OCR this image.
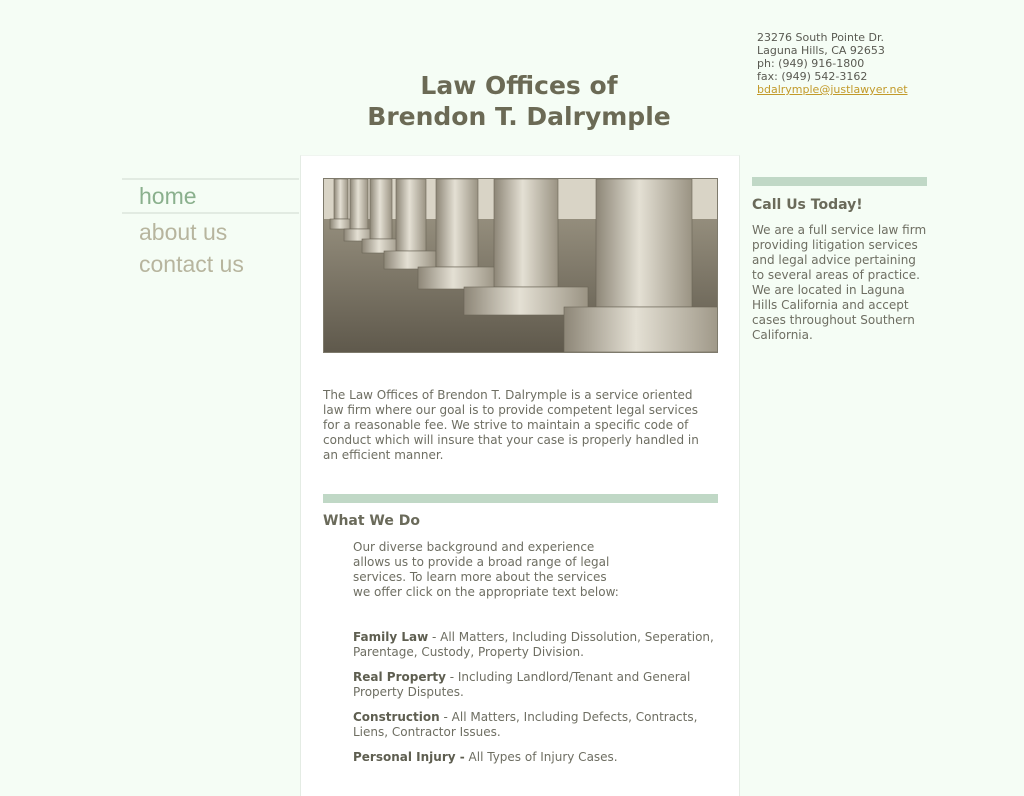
23276 South Pointe Dr.
Laguna Hills, CA 92653
ph: (949) 916-1800
fax: (949) 542-3162
bdalrymple@justlawyer.net
Law Offices of
Brendon T. Dalrymple
home
about us
contact us
The Law Offices of Brendon T. Dalrymple is a service oriented law firm where our goal is to provide competent legal services for a reasonable fee. We strive to maintain a specific code of conduct which will insure that your case is properly handled in an efficient manner.
What We Do
Our diverse background and experience allows us to provide a broad range of legal services. To learn more about the services we offer click on the appropriate text below:
Family Law - All Matters, Including Dissolution, Seperation, Parentage, Custody, Property Division.
Real Property - Including Landlord/Tenant and General Property Disputes.
Construction - All Matters, Including Defects, Contracts, Liens, Contractor Issues.
Personal Injury - All Types of Injury Cases.
Call Us Today!
We are a full service law firm providing litigation services and legal advice pertaining to several areas of practice. We are located in Laguna Hills California and accept cases throughout Southern California.
